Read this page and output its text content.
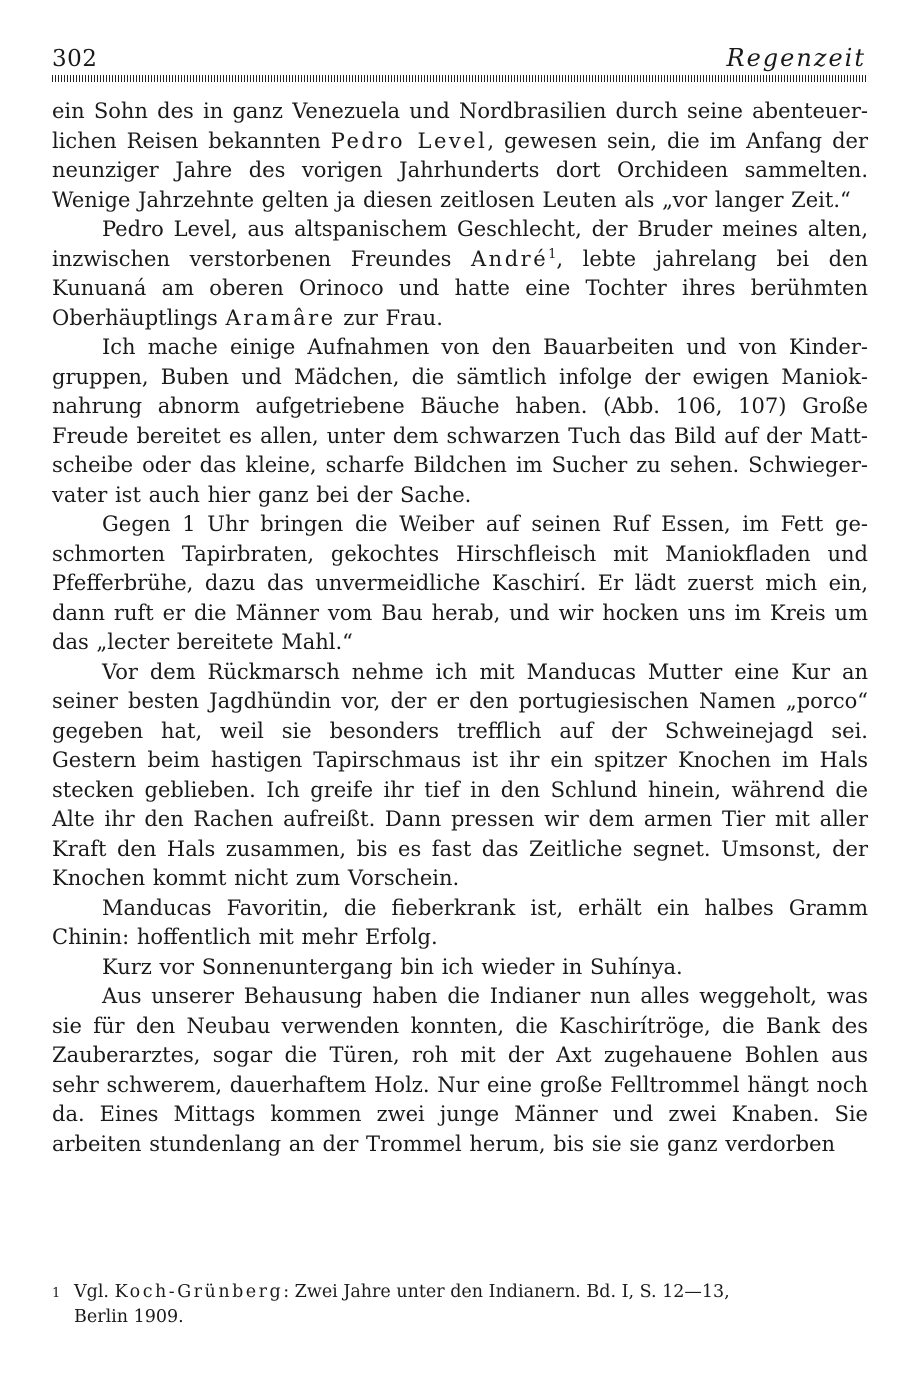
302	Regenzeit

ein Sohn des in ganz Venezuela und Nordbrasilien durch seine abenteuerlichen Reisen bekannten Pedro Level, gewesen sein, die im Anfang der neunziger Jahre des vorigen Jahrhunderts dort Orchideen sammelten. Wenige Jahrzehnte gelten ja diesen zeitlosen Leuten als „vor langer Zeit.“

Pedro Level, aus altspanischem Geschlecht, der Bruder meines alten, inzwischen verstorbenen Freundes André$^1$, lebte jahrelang bei den Kunuaná am oberen Orinoco und hatte eine Tochter ihres berühmten Oberhäuptlings Aramâre zur Frau.

Ich mache einige Aufnahmen von den Bauarbeiten und von Kindergruppen, Buben und Mädchen, die sämtlich infolge der ewigen Manioknahrung abnorm aufgetriebene Bäuche haben. (Abb. 106, 107) Große Freude bereitet es allen, unter dem schwarzen Tuch das Bild auf der Mattscheibe oder das kleine, scharfe Bildchen im Sucher zu sehen. Schwiegervater ist auch hier ganz bei der Sache.

Gegen 1 Uhr bringen die Weiber auf seinen Ruf Essen, im Fett geschmorten Tapirbraten, gekochtes Hirschfleisch mit Maniokfladen und Pfefferbrühe, dazu das unvermeidliche Kaschirí. Er lädt zuerst mich ein, dann ruft er die Männer vom Bau herab, und wir hocken uns im Kreis um das „lecter bereitete Mahl.“

Vor dem Rückmarsch nehme ich mit Manducas Mutter eine Kur an seiner besten Jagdhündin vor, der er den portugiesischen Namen „porco“ gegeben hat, weil sie besonders trefflich auf der Schweinejagd sei. Gestern beim hastigen Tapirschmaus ist ihr ein spitzer Knochen im Hals stecken geblieben. Ich greife ihr tief in den Schlund hinein, während die Alte ihr den Rachen aufreißt. Dann pressen wir dem armen Tier mit aller Kraft den Hals zusammen, bis es fast das Zeitliche segnet. Umsonst, der Knochen kommt nicht zum Vorschein.

Manducas Favoritin, die fieberkrank ist, erhält ein halbes Gramm Chinin: hoffentlich mit mehr Erfolg.

Kurz vor Sonnenuntergang bin ich wieder in Suhínya.

Aus unserer Behausung haben die Indianer nun alles weggeholt, was sie für den Neubau verwenden konnten, die Kaschirítröge, die Bank des Zauberarztes, sogar die Türen, roh mit der Axt zugehauene Bohlen aus sehr schwerem, dauerhaftem Holz. Nur eine große Felltrommel hängt noch da. Eines Mittags kommen zwei junge Männer und zwei Knaben. Sie arbeiten stundenlang an der Trommel herum, bis sie sie ganz verdorben

1 Vgl. Koch-Grünberg: Zwei Jahre unter den Indianern. Bd. I, S. 12—13,
Berlin 1909.
